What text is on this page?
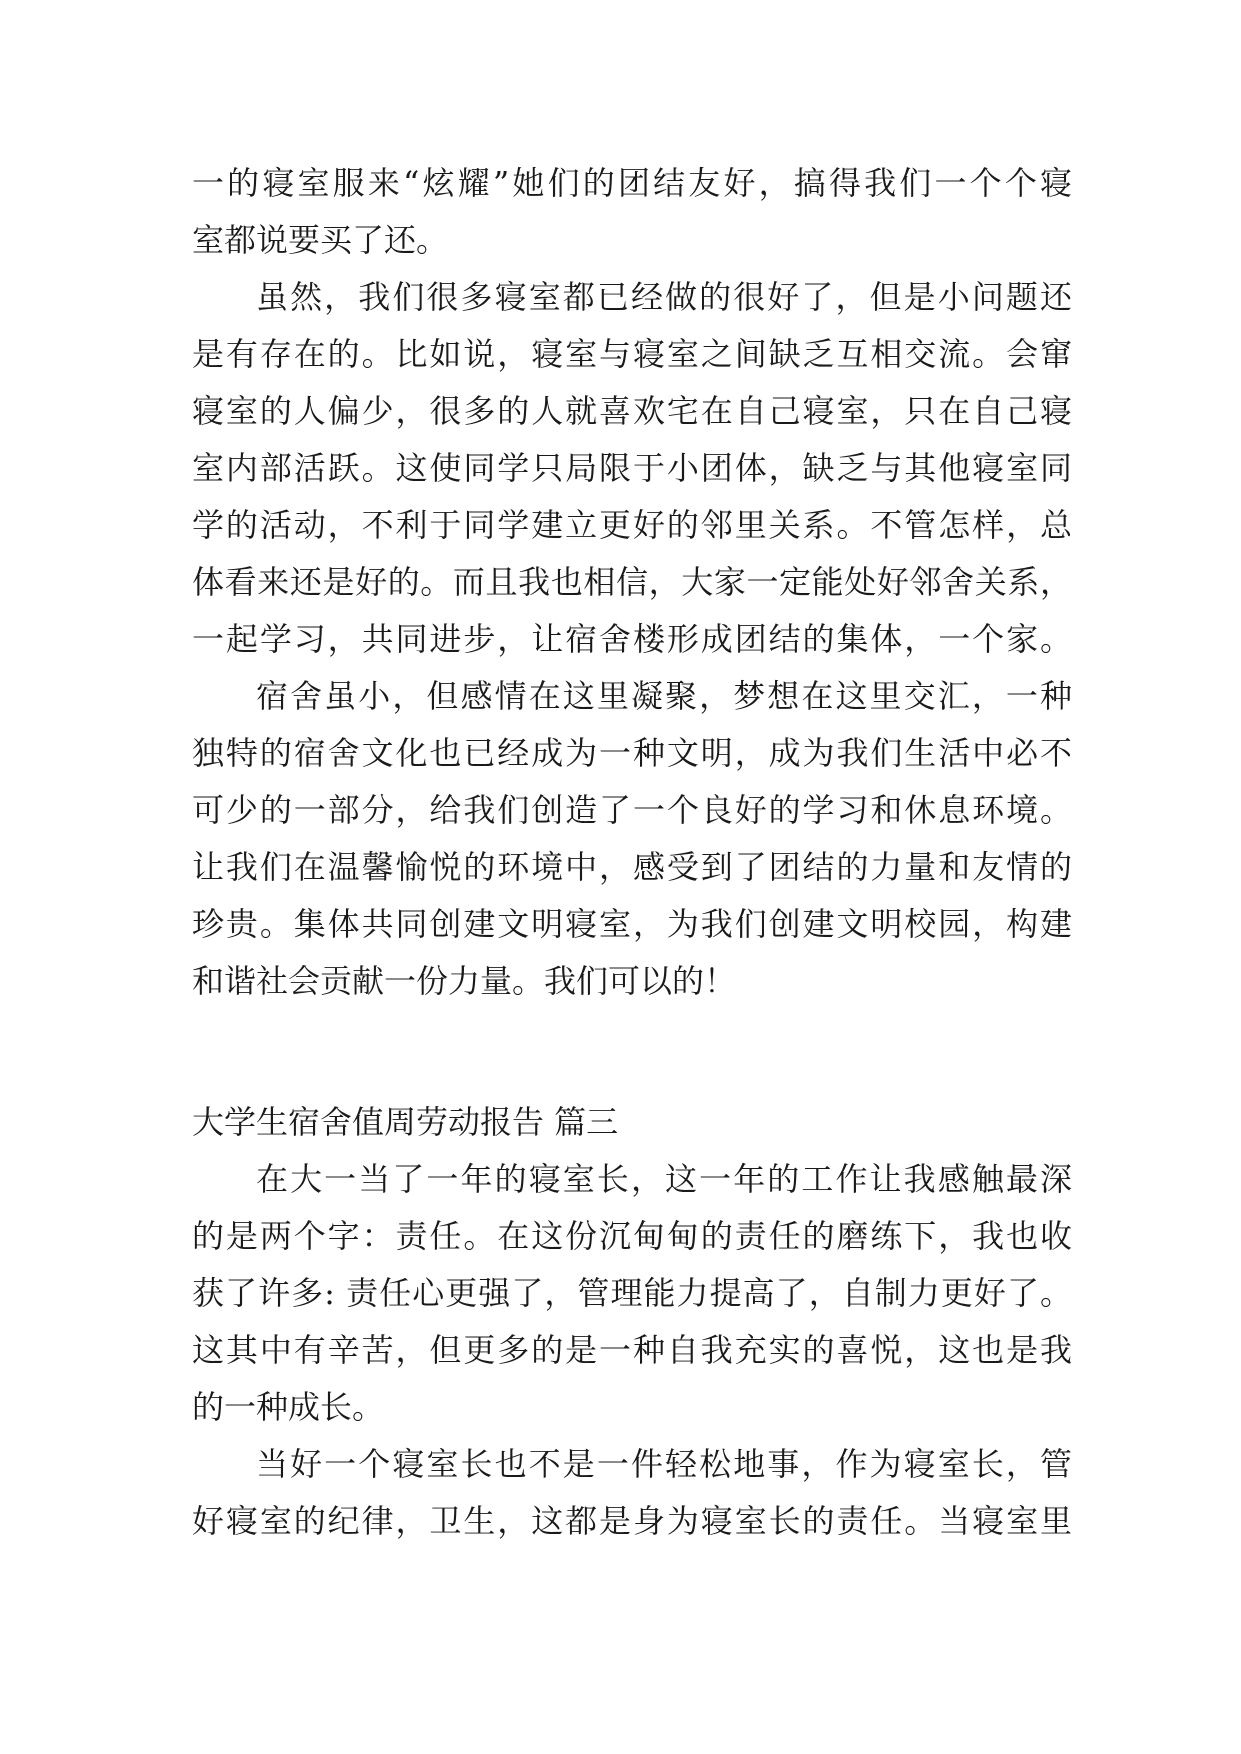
一的寝室服来“炫耀”她们的团结友好，搞得我们一个个寝
室都说要买了还。
虽然，我们很多寝室都已经做的很好了，但是小问题还
是有存在的。比如说，寝室与寝室之间缺乏互相交流。会窜
寝室的人偏少，很多的人就喜欢宅在自己寝室，只在自己寝
室内部活跃。这使同学只局限于小团体，缺乏与其他寝室同
学的活动，不利于同学建立更好的邻里关系。不管怎样，总
体看来还是好的。而且我也相信，大家一定能处好邻舍关系，
一起学习，共同进步，让宿舍楼形成团结的集体，一个家。
宿舍虽小，但感情在这里凝聚，梦想在这里交汇，一种
独特的宿舍文化也已经成为一种文明，成为我们生活中必不
可少的一部分，给我们创造了一个良好的学习和休息环境。
让我们在温馨愉悦的环境中，感受到了团结的力量和友情的
珍贵。集体共同创建文明寝室，为我们创建文明校园，构建
和谐社会贡献一份力量。我们可以的！
大学生宿舍值周劳动报告 篇三
在大一当了一年的寝室长，这一年的工作让我感触最深
的是两个字：责任。在这份沉甸甸的责任的磨练下，我也收
获了许多: 责任心更强了，管理能力提高了，自制力更好了。
这其中有辛苦，但更多的是一种自我充实的喜悦，这也是我
的一种成长。
当好一个寝室长也不是一件轻松地事，作为寝室长，管
好寝室的纪律，卫生，这都是身为寝室长的责任。当寝室里
